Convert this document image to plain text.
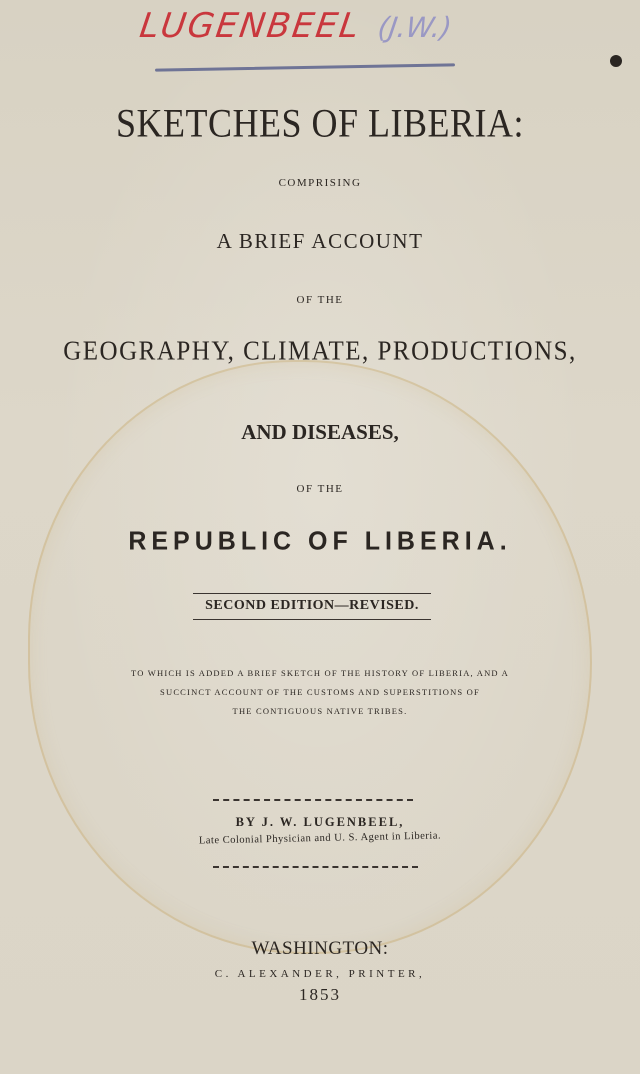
LUGENBEEL (J.W.)
SKETCHES OF LIBERIA:
COMPRISING
A BRIEF ACCOUNT
OF THE
GEOGRAPHY, CLIMATE, PRODUCTIONS,
AND DISEASES,
OF THE
REPUBLIC OF LIBERIA.
SECOND EDITION—REVISED.
TO WHICH IS ADDED A BRIEF SKETCH OF THE HISTORY OF LIBERIA, AND A
SUCCINCT ACCOUNT OF THE CUSTOMS AND SUPERSTITIONS OF
THE CONTIGUOUS NATIVE TRIBES.
BY J. W. LUGENBEEL,
Late Colonial Physician and U. S. Agent in Liberia.
WASHINGTON:
C. ALEXANDER, PRINTER,
1853
